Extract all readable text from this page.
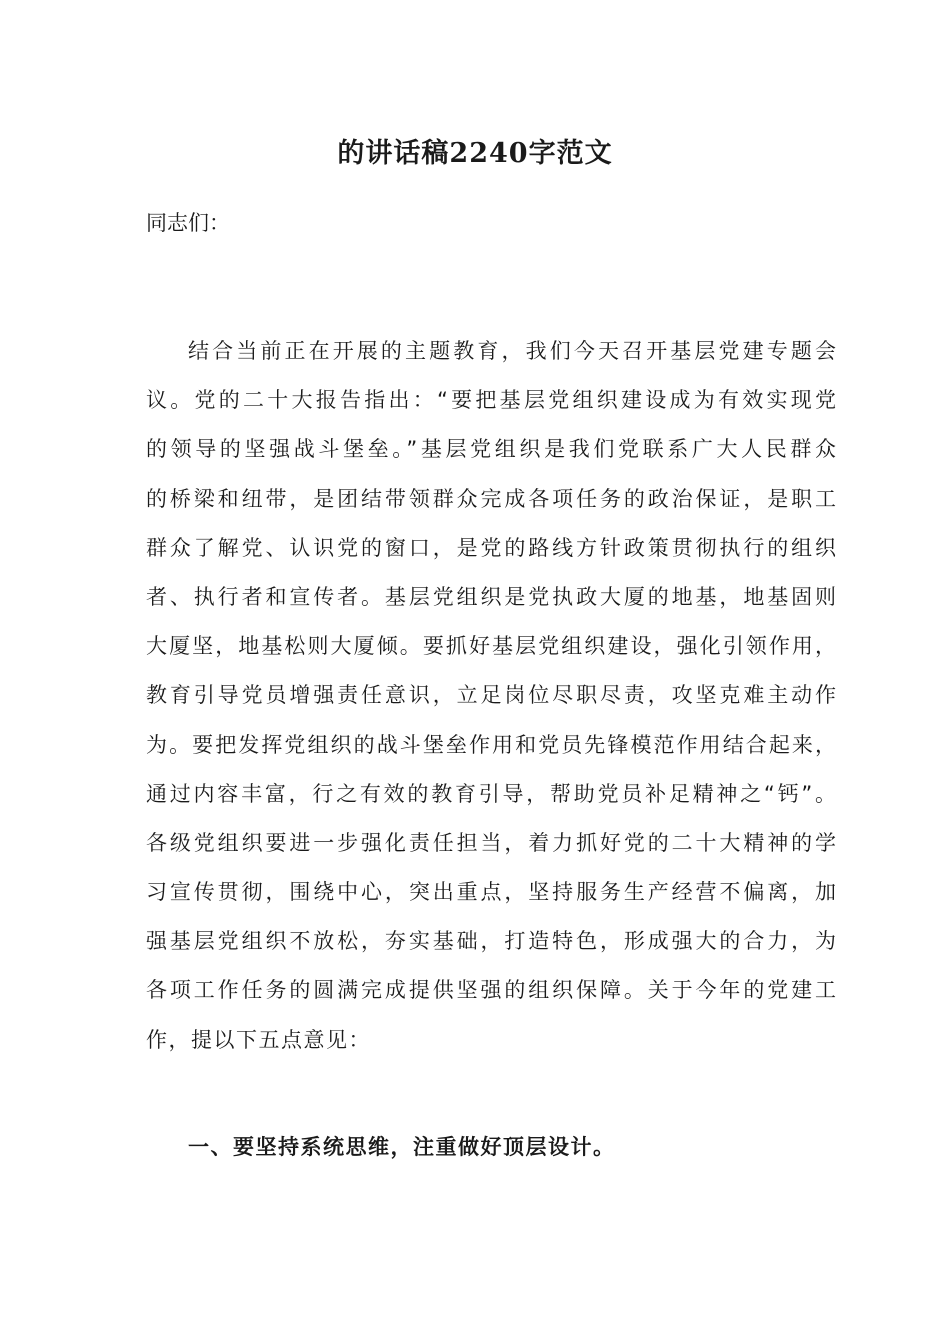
的讲话稿2240字范文
同志们：
结合当前正在开展的主题教育，我们今天召开基层党建专题会
议。党的二十大报告指出：“要把基层党组织建设成为有效实现党
的领导的坚强战斗堡垒。”基层党组织是我们党联系广大人民群众
的桥梁和纽带，是团结带领群众完成各项任务的政治保证，是职工
群众了解党、认识党的窗口，是党的路线方针政策贯彻执行的组织
者、执行者和宣传者。基层党组织是党执政大厦的地基，地基固则
大厦坚，地基松则大厦倾。要抓好基层党组织建设，强化引领作用，
教育引导党员增强责任意识，立足岗位尽职尽责，攻坚克难主动作
为。要把发挥党组织的战斗堡垒作用和党员先锋模范作用结合起来，
通过内容丰富，行之有效的教育引导，帮助党员补足精神之“钙”。
各级党组织要进一步强化责任担当，着力抓好党的二十大精神的学
习宣传贯彻，围绕中心，突出重点，坚持服务生产经营不偏离，加
强基层党组织不放松，夯实基础，打造特色，形成强大的合力，为
各项工作任务的圆满完成提供坚强的组织保障。关于今年的党建工
作，提以下五点意见：
一、要坚持系统思维，注重做好顶层设计。
